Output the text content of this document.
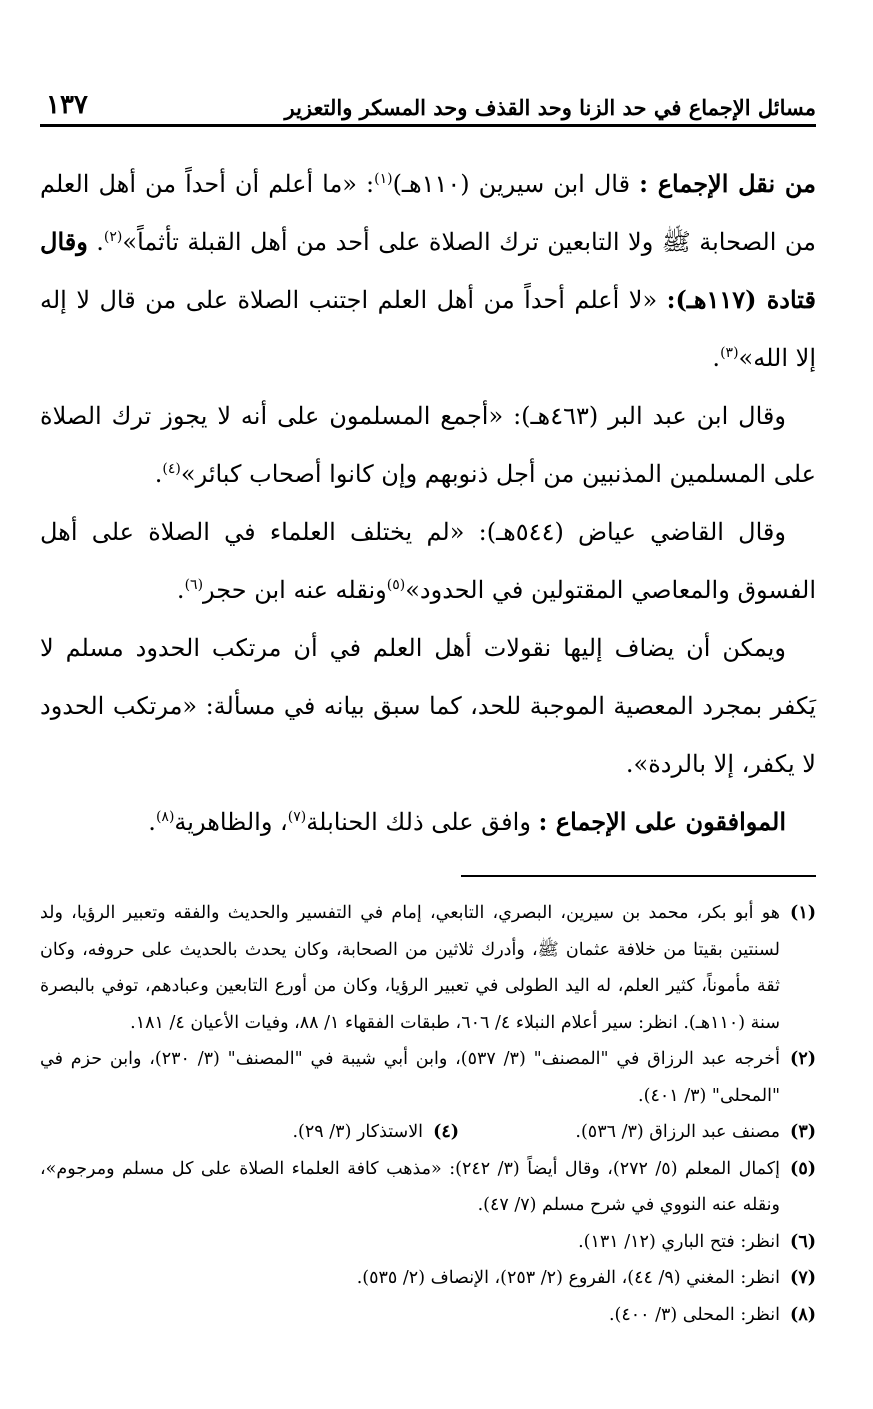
مسائل الإجماع في حد الزنا وحد القذف وحد المسكر والتعزير
١٣٧

من نقل الإجماع : قال ابن سيرين (١١٠هـ)$^{(١)}$: «ما أعلم أن أحداً من أهل العلم من الصحابة ﷺ ولا التابعين ترك الصلاة على أحد من أهل القبلة تأثماً»$^{(٢)}$. وقال قتادة (١١٧هـ): «لا أعلم أحداً من أهل العلم اجتنب الصلاة على من قال لا إله إلا الله»$^{(٣)}$.

وقال ابن عبد البر (٤٦٣هـ): «أجمع المسلمون على أنه لا يجوز ترك الصلاة على المسلمين المذنبين من أجل ذنوبهم وإن كانوا أصحاب كبائر»$^{(٤)}$.

وقال القاضي عياض (٥٤٤هـ): «لم يختلف العلماء في الصلاة على أهل الفسوق والمعاصي المقتولين في الحدود»$^{(٥)}$ونقله عنه ابن حجر$^{(٦)}$.

ويمكن أن يضاف إليها نقولات أهل العلم في أن مرتكب الحدود مسلم لا يَكفر بمجرد المعصية الموجبة للحد، كما سبق بيانه في مسألة: «مرتكب الحدود لا يكفر، إلا بالردة».

الموافقون على الإجماع : وافق على ذلك الحنابلة$^{(٧)}$، والظاهرية$^{(٨)}$.

(١)
هو أبو بكر، محمد بن سيرين، البصري، التابعي، إمام في التفسير والحديث والفقه وتعبير الرؤيا، ولد لسنتين بقيتا من خلافة عثمان ﷺ، وأدرك ثلاثين من الصحابة، وكان يحدث بالحديث على حروفه، وكان ثقة مأموناً، كثير العلم، له اليد الطولى في تعبير الرؤيا، وكان من أورع التابعين وعبادهم، توفي بالبصرة سنة (١١٠هـ). انظر: سير أعلام النبلاء ٤/ ٦٠٦، طبقات الفقهاء ١/ ٨٨، وفيات الأعيان ٤/ ١٨١.
(٢)
أخرجه عبد الرزاق في "المصنف" (٣/ ٥٣٧)، وابن أبي شيبة في "المصنف" (٣/ ٢٣٠)، وابن حزم في "المحلى" (٣/ ٤٠١).
(٣)
مصنف عبد الرزاق (٣/ ٥٣٦).
(٤)
الاستذكار (٣/ ٢٩).
(٥)
إكمال المعلم (٥/ ٢٧٢)، وقال أيضاً (٣/ ٢٤٢): «مذهب كافة العلماء الصلاة على كل مسلم ومرجوم»، ونقله عنه النووي في شرح مسلم (٧/ ٤٧).
(٦)
انظر: فتح الباري (١٢/ ١٣١).
(٧)
انظر: المغني (٩/ ٤٤)، الفروع (٢/ ٢٥٣)، الإنصاف (٢/ ٥٣٥).
(٨)
انظر: المحلى (٣/ ٤٠٠).
